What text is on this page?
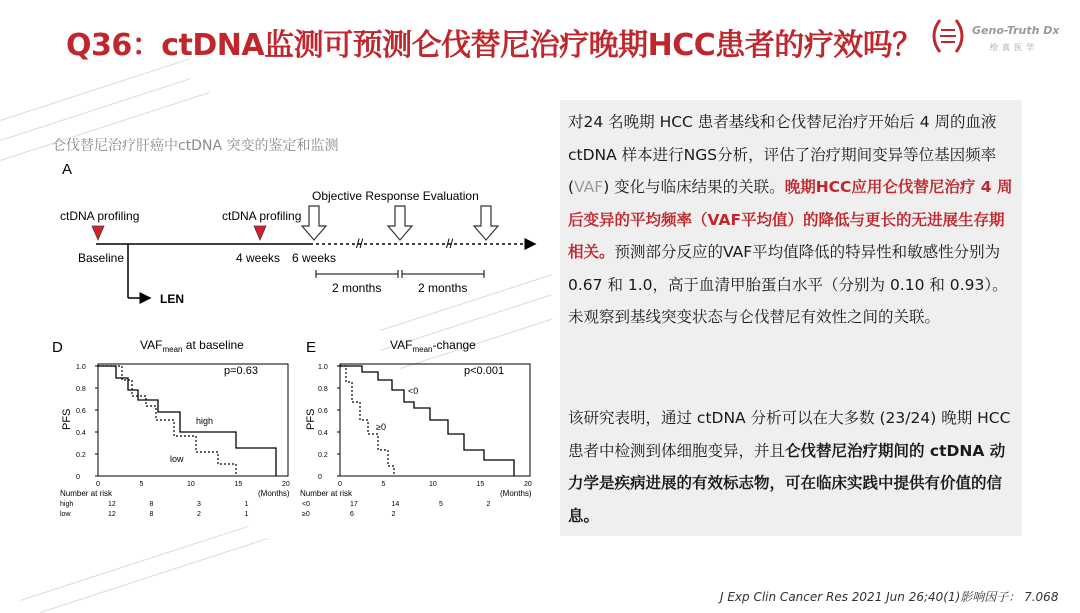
Q36：ctDNA监测可预测仑伐替尼治疗晚期HCC患者的疗效吗？	Geno-Truth Dx
绘真医学
仑伐替尼治疗肝癌中ctDNA 突变的鉴定和监测
A
Objective Response Evaluation
ctDNA profiling	ctDNA profiling
//	//
LEN
Baseline	4 weeks 6 weeks
2 months	2 months
D	$VAF_{mean}$ at baseline
p=0.63
1.0
0.8
0.6
0.4
0.2
0
5	10	15	20
0
PFS	high
low
(Months)
Number at risk
high	12	8	3	1
low	12	8	2	1
E	$VAF_{mean}$-change
p<0.001
1.0
0.8
0.6
0.4
0.2
0
5	10	15	20
0
PFS
<0
≥0
(Months)
Number at risk
<0	17	14	5	2
≥0	6	2
对24 名晚期 HCC 患者基线和仑伐替尼治疗开始后 4 周的血液 ctDNA 样本进行NGS分析，评估了治疗期间变异等位基因频率 (VAF) 变化与临床结果的关联。晚期HCC应用仑伐替尼治疗 4 周后变异的平均频率（VAF平均值）的降低与更长的无进展生存期相关。预测部分反应的VAF平均值降低的特异性和敏感性分别为 0.67 和 1.0，高于血清甲胎蛋白水平（分别为 0.10 和 0.93）。未观察到基线突变状态与仑伐替尼有效性之间的关联。
该研究表明，通过 ctDNA 分析可以在大多数 (23/24) 晚期 HCC 患者中检测到体细胞变异，并且仑伐替尼治疗期间的 ctDNA 动力学是疾病进展的有效标志物，可在临床实践中提供有价值的信息。
J Exp Clin Cancer Res 2021 Jun 26;40(1)影响因子： 7.068
